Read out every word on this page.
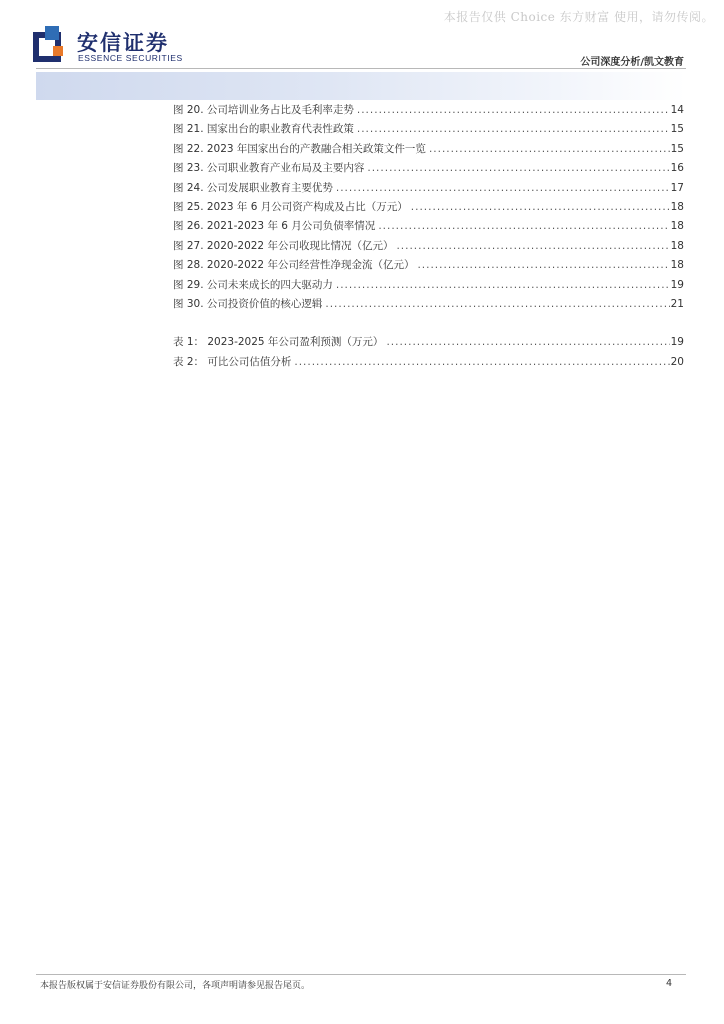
本报告仅供 Choice 东方财富 使用，请勿传阅。
安信证券
ESSENCE SECURITIES	公司深度分析/凯文教育
图 20. 公司培训业务占比及毛利率走势 .....	14
图 21. 国家出台的职业教育代表性政策 .....	15
图 22. 2023 年国家出台的产教融合相关政策文件一览 .....	15
图 23. 公司职业教育产业布局及主要内容 .....	16
图 24. 公司发展职业教育主要优势 .....	17
图 25. 2023 年 6 月公司资产构成及占比（万元） .....	18
图 26. 2021-2023 年 6 月公司负债率情况 .....	18
图 27. 2020-2022 年公司收现比情况（亿元） .....	18
图 28. 2020-2022 年公司经营性净现金流（亿元） .....	18
图 29. 公司未来成长的四大驱动力 .....	19
图 30. 公司投资价值的核心逻辑 .....	21
表 1： 2023-2025 年公司盈利预测（万元） .....	19
表 2： 可比公司估值分析 .....	20
本报告版权属于安信证券股份有限公司，各项声明请参见报告尾页。	4
